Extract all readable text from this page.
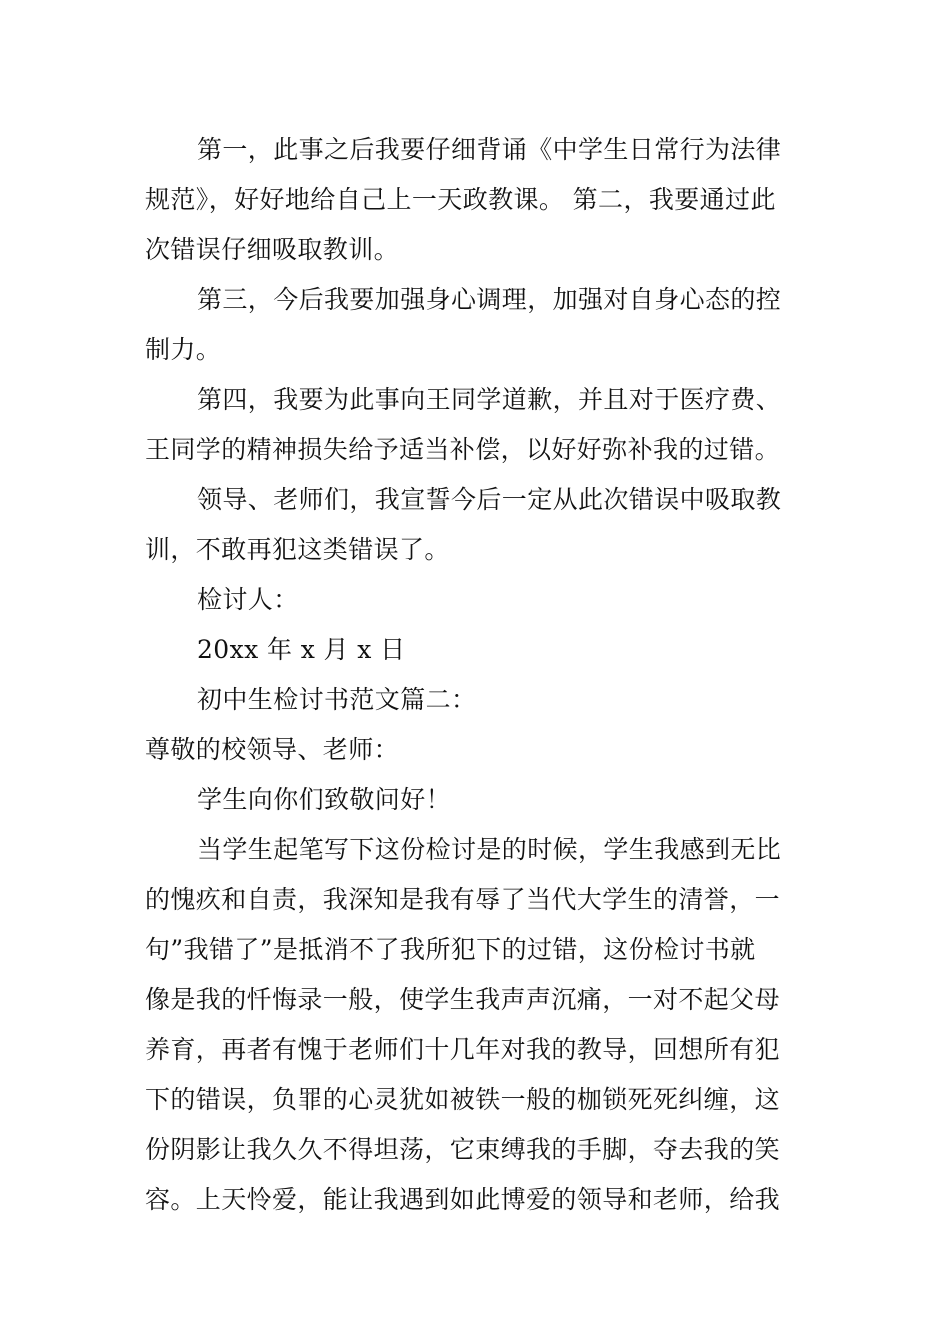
第一，此事之后我要仔细背诵《中学生日常行为法律
规范》，好好地给自己上一天政教课。 第二，我要通过此
次错误仔细吸取教训。
第三，今后我要加强身心调理，加强对自身心态的控
制力。
第四，我要为此事向王同学道歉，并且对于医疗费、
王同学的精神损失给予适当补偿，以好好弥补我的过错。
领导、老师们，我宣誓今后一定从此次错误中吸取教
训，不敢再犯这类错误了。
检讨人：
20xx 年 x 月 x 日
初中生检讨书范文篇二：
尊敬的校领导、老师：
学生向你们致敬问好！
当学生起笔写下这份检讨是的时候，学生我感到无比
的愧疚和自责，我深知是我有辱了当代大学生的清誉，一
句”我错了”是抵消不了我所犯下的过错，这份检讨书就
像是我的忏悔录一般，使学生我声声沉痛，一对不起父母
养育，再者有愧于老师们十几年对我的教导，回想所有犯
下的错误，负罪的心灵犹如被铁一般的枷锁死死纠缠，这
份阴影让我久久不得坦荡，它束缚我的手脚，夺去我的笑
容。上天怜爱，能让我遇到如此博爱的领导和老师，给我
